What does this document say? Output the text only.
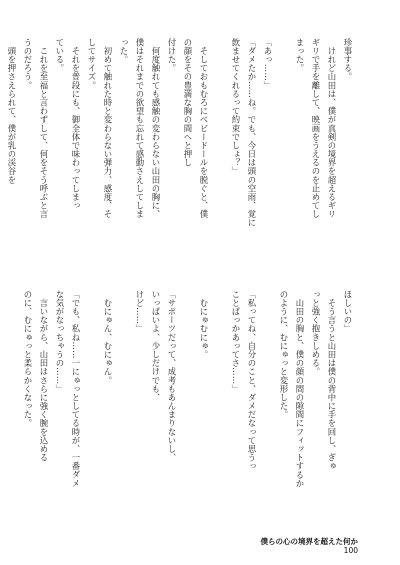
珍事する。

　けれど山田は、僕が真剣の境界を超えるギリ

ギリで手を離して、映画をうえるのを止めてし

まった。

「あっ……」

「ダメたか……ね。でも、今日は頭の空雨、覚に

飲ませてくれるって約束でしょ？」

　そしておもむろにベビードールを脱ぐと、僕

の顔をその豊満な胸の間へと押し

付けた。

　何度触れても感触の変わらない山田の胸に、

僕はそれまでの欲望も忘れて感動さえしてしま

った。

　初めて触れた時と変わらない弾力、感度、そ

してサイズ。

　それを普段にも、御全体で味わってしまっ

ている。

　これを至福と言わずして、何をそう呼ぶと言

うのだろう。

　頭を押さえられて、僕が乳の渓谷を

ほしいの」

　そう言うと山田は僕の背中に手を回し、ぎゅ

っと強く抱きしめる。

　山田の胸と、僕の顔の間の隙間にフィットするか

のように、むにゅっと変形した。

「私ってね、自分のこと、ダメだなって思うっ

ことばっかあってさ……」

　むにゅむにゅ。

「サポーツだって、成考もあんまりないし、

いっぱいよ、少しだけでも、

けど……」

　むにゅん、むにゅん。

「でも、私ね……一にゅっとしてる時が、一番ダメ

な気がなっちゃうの……」

　言いながら、山田はさらに強く腕を込める

のに、むにゅっと柔らかくなった。

僕らの心の境界を超えた何か
100
